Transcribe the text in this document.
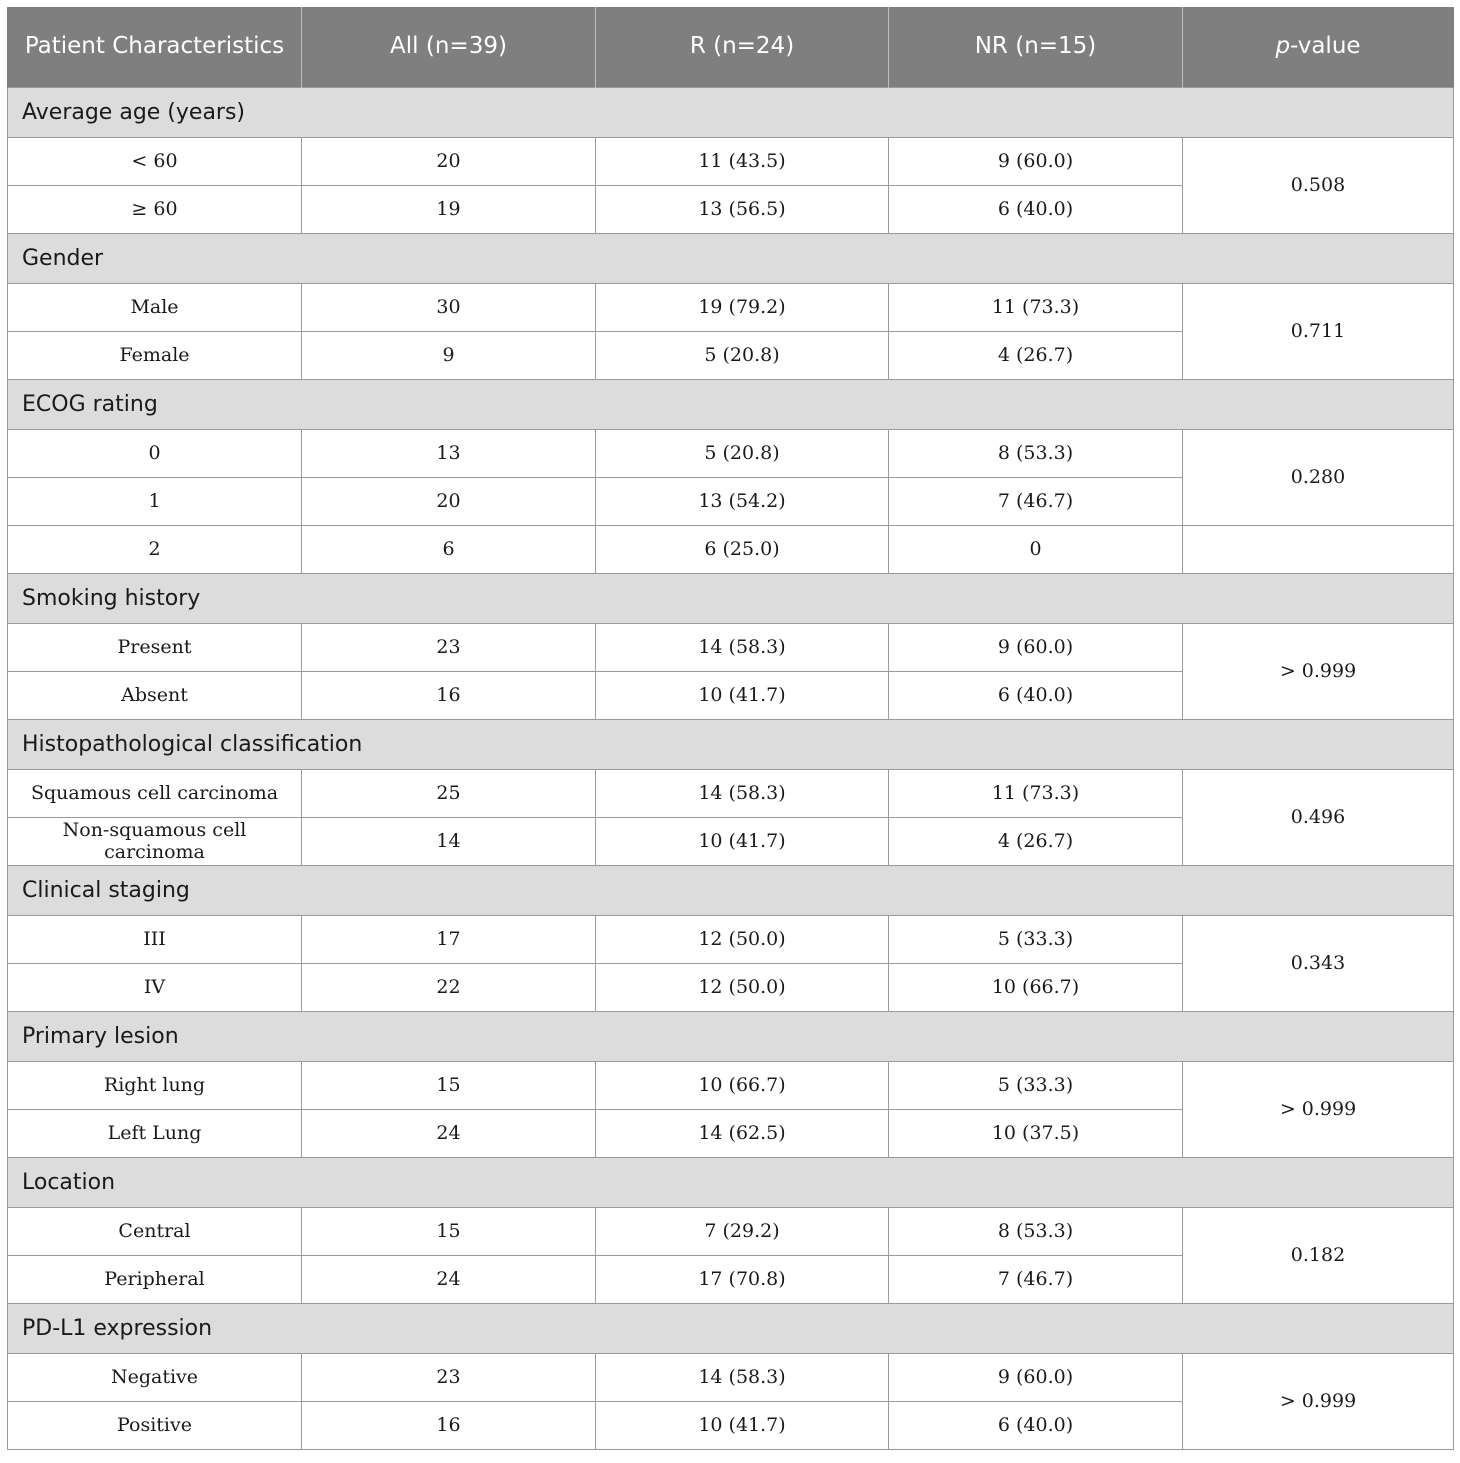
Patient Characteristics	All (n=39)	R (n=24)	NR (n=15)	p-value
Average age (years)				
< 60	20	11 (43.5)	9 (60.0)	0.508
≥ 60	19	13 (56.5)	6 (40.0)	
Gender				
Male	30	19 (79.2)	11 (73.3)	0.711
Female	9	5 (20.8)	4 (26.7)	
ECOG rating				
0	13	5 (20.8)	8 (53.3)	0.280
1	20	13 (54.2)	7 (46.7)	
2	6	6 (25.0)	0	
Smoking history				
Present	23	14 (58.3)	9 (60.0)	> 0.999
Absent	16	10 (41.7)	6 (40.0)	
Histopathological classification				
Squamous cell carcinoma	25	14 (58.3)	11 (73.3)	0.496
Non-squamous cell carcinoma	14	10 (41.7)	4 (26.7)	
Clinical staging				
III	17	12 (50.0)	5 (33.3)	0.343
IV	22	12 (50.0)	10 (66.7)	
Primary lesion				
Right lung	15	10 (66.7)	5 (33.3)	> 0.999
Left Lung	24	14 (62.5)	10 (37.5)	
Location				
Central	15	7 (29.2)	8 (53.3)	0.182
Peripheral	24	17 (70.8)	7 (46.7)	
PD-L1 expression				
Negative	23	14 (58.3)	9 (60.0)	> 0.999
Positive	16	10 (41.7)	6 (40.0)	
